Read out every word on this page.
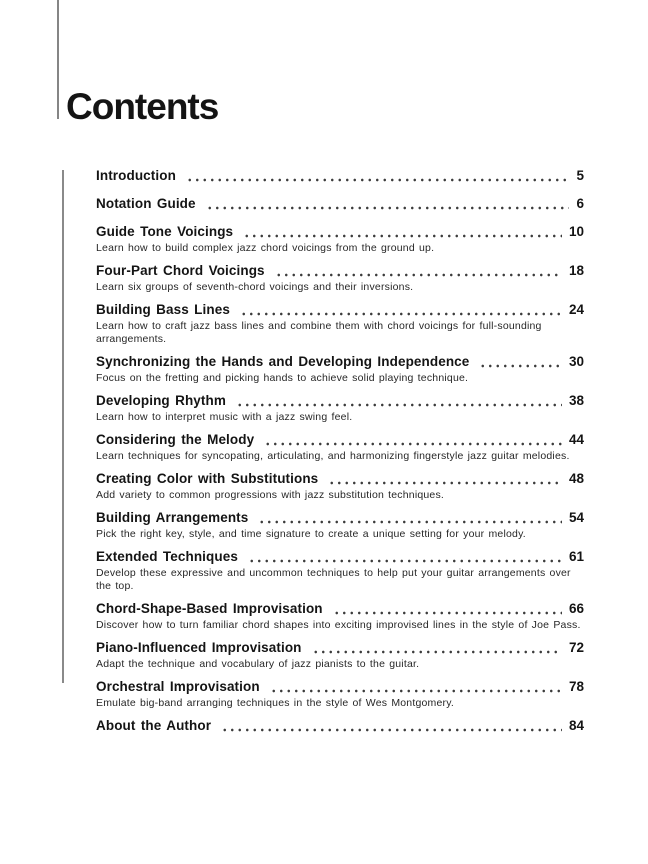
Contents
Introduction	5
Notation Guide	6
Guide Tone Voicings	10
Learn how to build complex jazz chord voicings from the ground up.
Four-Part Chord Voicings	18
Learn six groups of seventh-chord voicings and their inversions.
Building Bass Lines	24
Learn how to craft jazz bass lines and combine them with chord voicings for full-sounding arrangements.
Synchronizing the Hands and Developing Independence	30
Focus on the fretting and picking hands to achieve solid playing technique.
Developing Rhythm	38
Learn how to interpret music with a jazz swing feel.
Considering the Melody	44
Learn techniques for syncopating, articulating, and harmonizing fingerstyle jazz guitar melodies.
Creating Color with Substitutions	48
Add variety to common progressions with jazz substitution techniques.
Building Arrangements	54
Pick the right key, style, and time signature to create a unique setting for your melody.
Extended Techniques	61
Develop these expressive and uncommon techniques to help put your guitar arrangements over the top.
Chord-Shape-Based Improvisation	66
Discover how to turn familiar chord shapes into exciting improvised lines in the style of Joe Pass.
Piano-Influenced Improvisation	72
Adapt the technique and vocabulary of jazz pianists to the guitar.
Orchestral Improvisation	78
Emulate big-band arranging techniques in the style of Wes Montgomery.
About the Author	84
